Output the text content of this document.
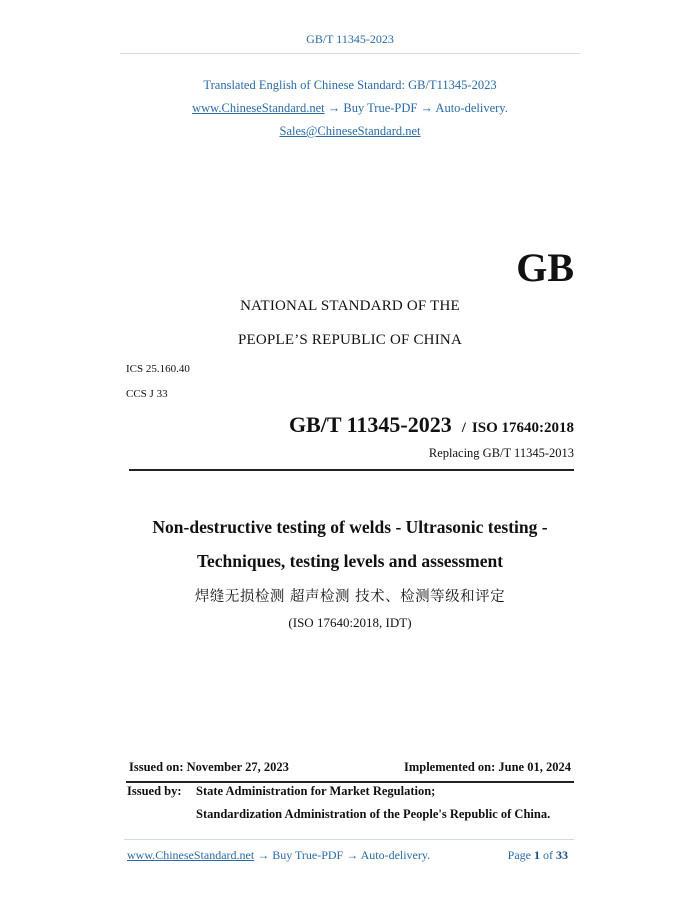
GB/T 11345-2023
Translated English of Chinese Standard: GB/T11345-2023
www.ChineseStandard.net → Buy True-PDF → Auto-delivery.
Sales@ChineseStandard.net
GB
NATIONAL STANDARD OF THE
PEOPLE’S REPUBLIC OF CHINA
ICS 25.160.40
CCS J 33
GB/T 11345-2023 / ISO 17640:2018
Replacing GB/T 11345-2013
Non-destructive testing of welds - Ultrasonic testing -
Techniques, testing levels and assessment
焊缝无损检测 超声检测 技术、检测等级和评定
(ISO 17640:2018, IDT)
Issued on: November 27, 2023	Implemented on: June 01, 2024
Issued by: State Administration for Market Regulation;
Standardization Administration of the People's Republic of China.
www.ChineseStandard.net → Buy True-PDF → Auto-delivery.	Page 1 of 33
